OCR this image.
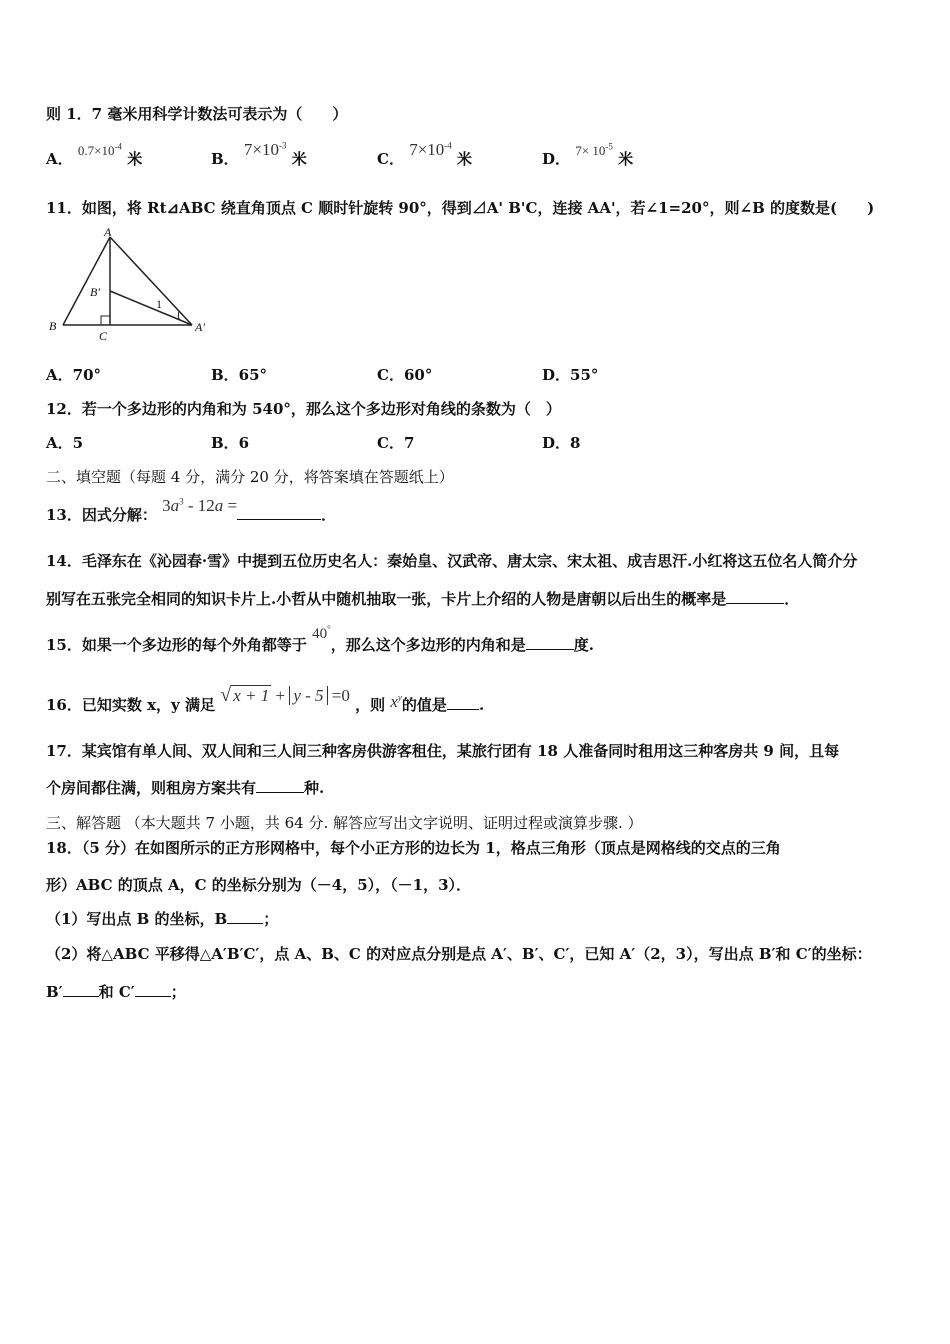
则 1．7 毫米用科学计数法可表示为（　　）
A． $0.7\times 10^{-4}$ 米	B． $7\times 10^{-3}$ 米	C． $7\times 10^{-4}$ 米	D． $7\times 10^{-5}$ 米
11．如图，将 Rt⊿ABC 绕直角顶点 C 顺时针旋转 90°，得到⊿A' B'C，连接 AA'，若∠1=20°，则∠B 的度数是(　　)
A
B
C
B′
A′
1
A．70°	B．65°	C．60°	D．55°
12．若一个多边形的内角和为 540°，那么这个多边形对角线的条数为（　）
A．5	B．6	C．7	D．8
二、填空题（每题 4 分，满分 20 分，将答案填在答题纸上）
13．因式分解： $3a^3 - 12a$ =	．
14．毛泽东在《沁园春·雪》中提到五位历史名人：秦始皇、汉武帝、唐太宗、宋太祖、成吉思汗.小红将这五位名人简介分
别写在五张完全相同的知识卡片上.小哲从中随机抽取一张，卡片上介绍的人物是唐朝以后出生的概率是	．
15．如果一个多边形的每个外角都等于 40°，那么这个多边形的内角和是	度.
16．已知实数 x，y 满足 √ x + 1 + y - 5 =0 ，则 $x^y$的值是 .
17．某宾馆有单人间、双人间和三人间三种客房供游客租住，某旅行团有 18 人准备同时租用这三种客房共 9 间，且每
个房间都住满，则租房方案共有	种.
三、解答题 （本大题共 7 小题，共 64 分. 解答应写出文字说明、证明过程或演算步骤. ）
18．（5 分）在如图所示的正方形网格中，每个小正方形的边长为 1，格点三角形（顶点是网格线的交点的三角
形）ABC 的顶点 A，C 的坐标分别为（－4，5），（－1，3）．
（1）写出点 B 的坐标，B ；
（2）将△ABC 平移得△A′B′C′，点 A、B、C 的对应点分别是点 A′、B′、C′，已知 A′（2，3），写出点 B′和 C′的坐标：
B′ 和 C′ ；
